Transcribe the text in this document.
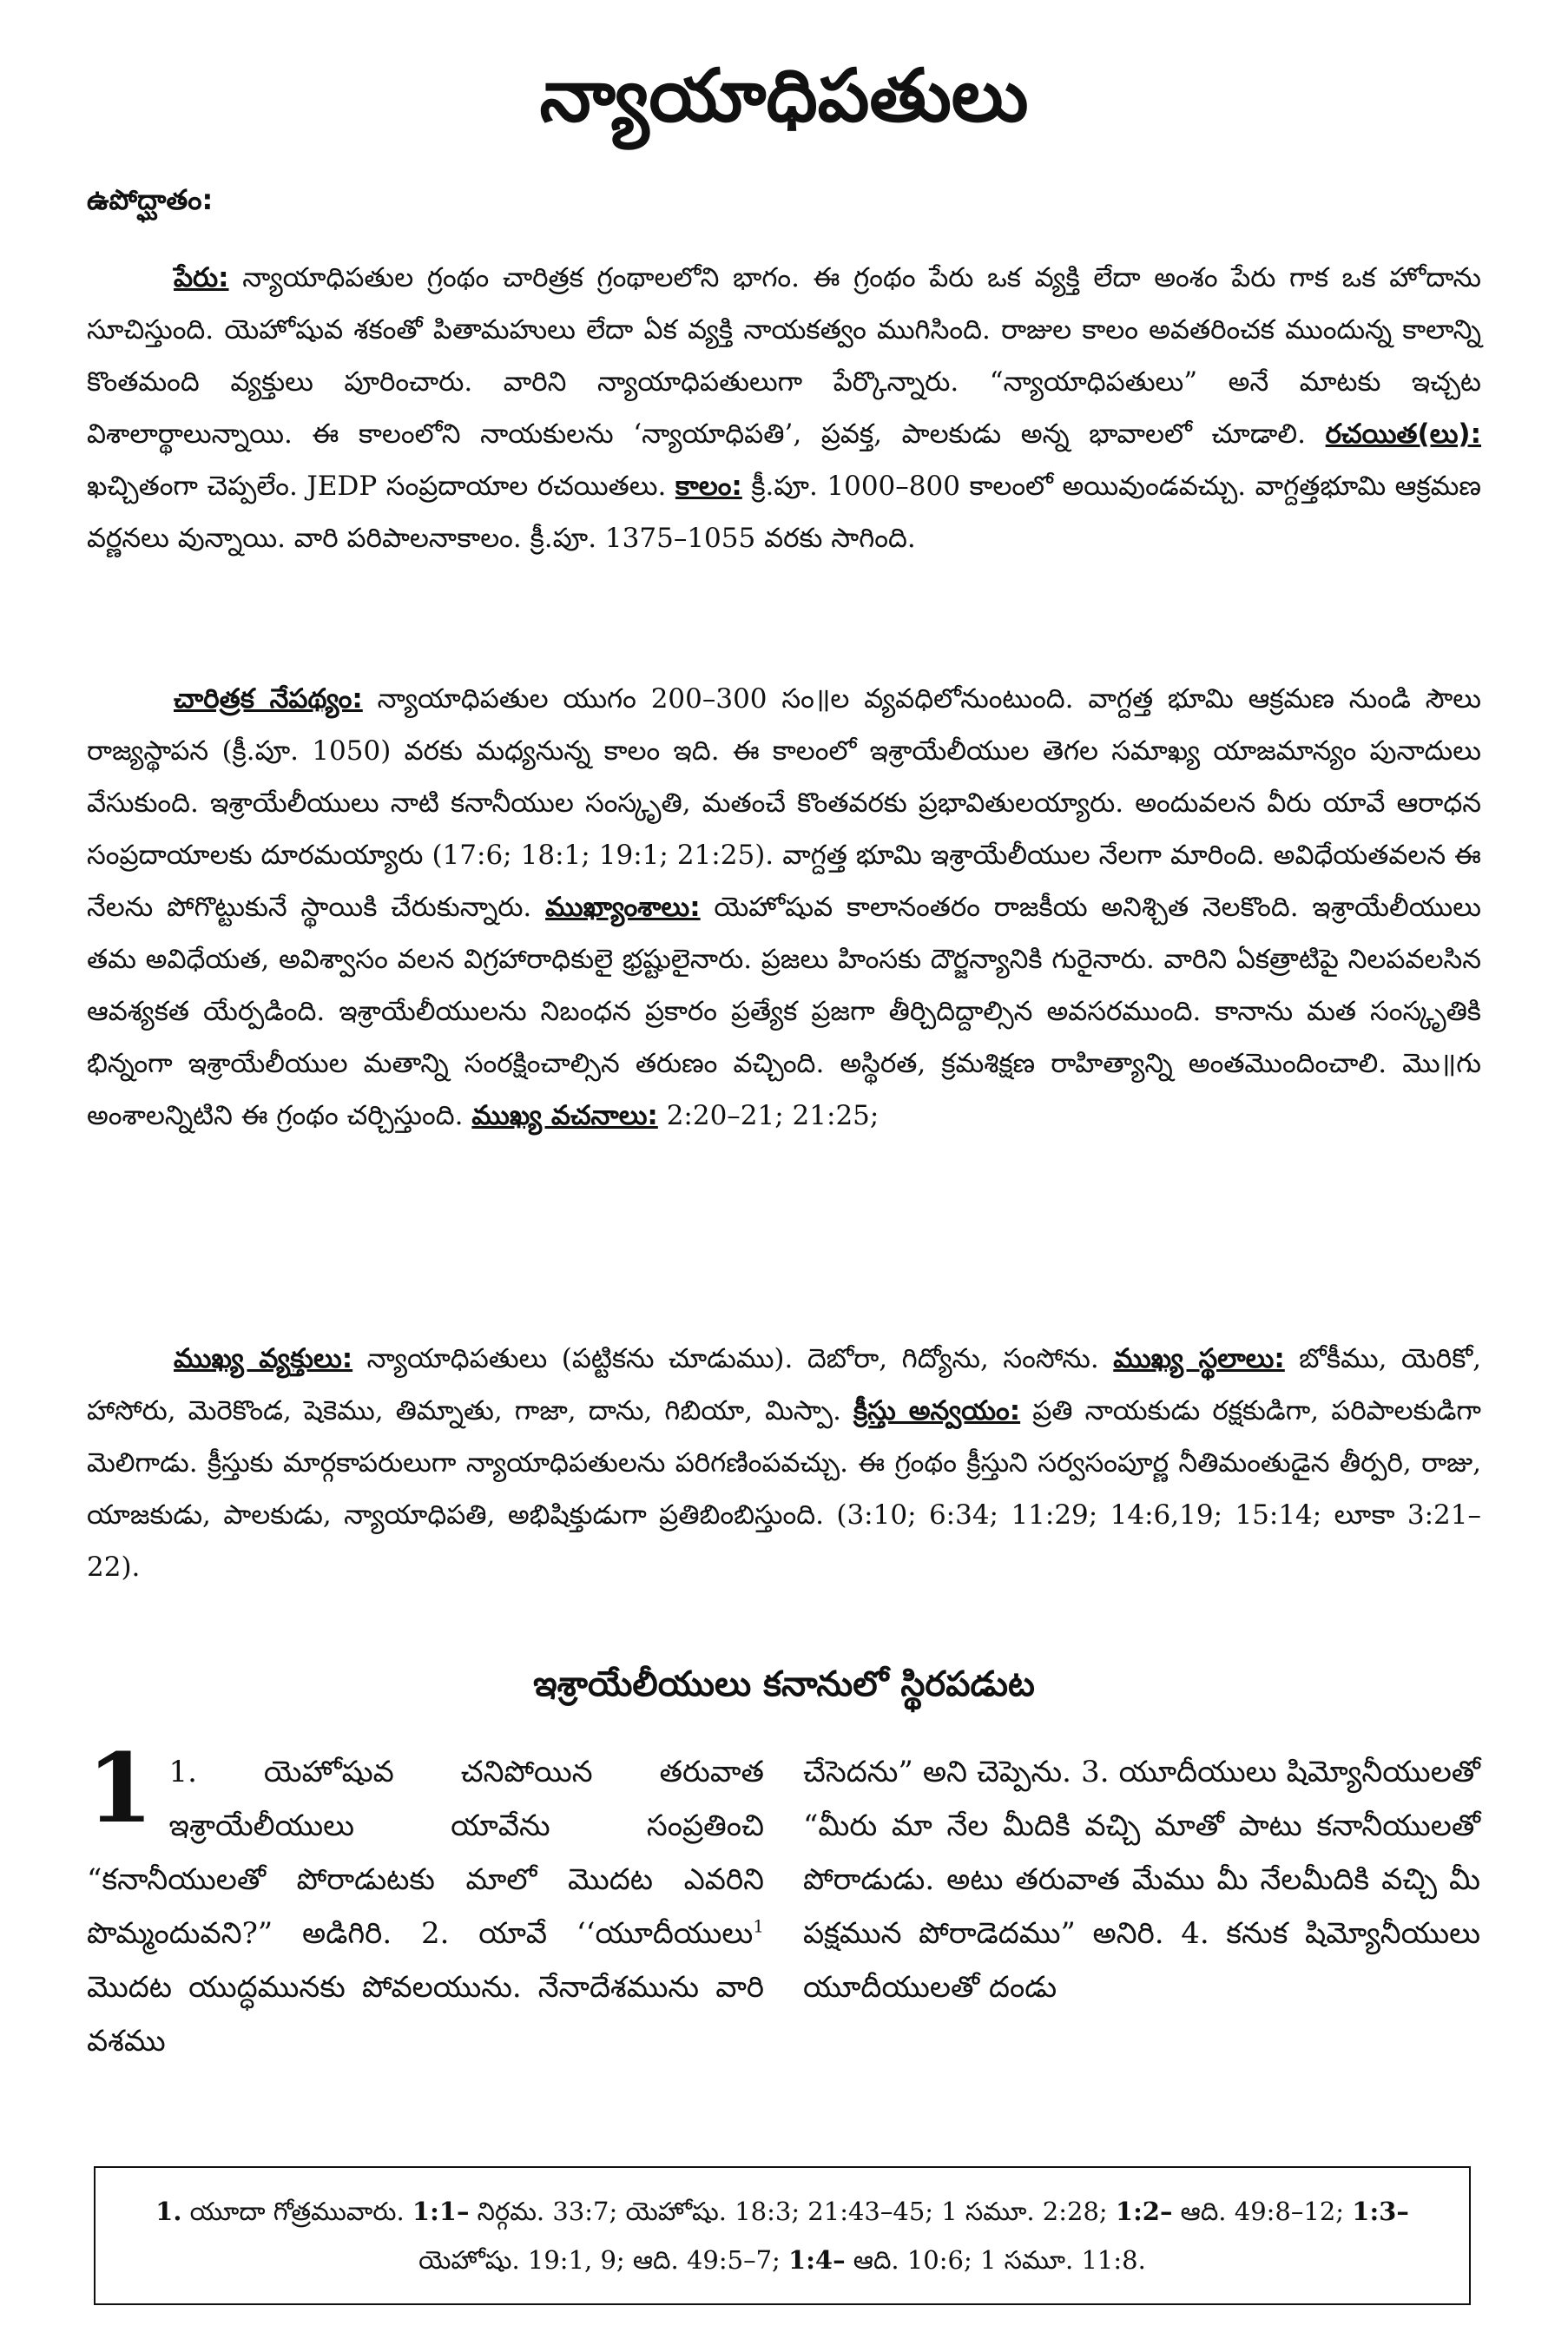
న్యాయాధిపతులు
ఉపోద్ఘాతం:
పేరు: న్యాయాధిపతుల గ్రంథం చారిత్రక గ్రంథాలలోని భాగం. ఈ గ్రంథం పేరు ఒక వ్యక్తి లేదా అంశం పేరు గాక ఒక హోదాను సూచిస్తుంది. యెహోషువ శకంతో పితామహులు లేదా ఏక వ్యక్తి నాయకత్వం ముగిసింది. రాజుల కాలం అవతరించక ముందున్న కాలాన్ని కొంతమంది వ్యక్తులు పూరించారు. వారిని న్యాయాధిపతులుగా పేర్కొన్నారు. “న్యాయాధిపతులు” అనే మాటకు ఇచ్చట విశాలార్థాలున్నాయి. ఈ కాలంలోని నాయకులను ‘న్యాయాధిపతి’, ప్రవక్త, పాలకుడు అన్న భావాలలో చూడాలి. రచయిత(లు): ఖచ్చితంగా చెప్పలేం. JEDP సంప్రదాయాల రచయితలు. కాలం: క్రీ.పూ. 1000–800 కాలంలో అయివుండవచ్చు. వాగ్దత్తభూమి ఆక్రమణ వర్ణనలు వున్నాయి. వారి పరిపాలనాకాలం. క్రీ.పూ. 1375–1055 వరకు సాగింది.
చారిత్రక నేపథ్యం: న్యాయాధిపతుల యుగం 200–300 సం॥ల వ్యవధిలోనుంటుంది. వాగ్దత్త భూమి ఆక్రమణ నుండి సౌలు రాజ్యస్థాపన (క్రీ.పూ. 1050) వరకు మధ్యనున్న కాలం ఇది. ఈ కాలంలో ఇశ్రాయేలీయుల తెగల సమాఖ్య యాజమాన్యం పునాదులు వేసుకుంది. ఇశ్రాయేలీయులు నాటి కనానీయుల సంస్కృతి, మతంచే కొంతవరకు ప్రభావితులయ్యారు. అందువలన వీరు యావే ఆరాధన సంప్రదాయాలకు దూరమయ్యారు (17:6; 18:1; 19:1; 21:25). వాగ్దత్త భూమి ఇశ్రాయేలీయుల నేలగా మారింది. అవిధేయతవలన ఈ నేలను పోగొట్టుకునే స్థాయికి చేరుకున్నారు. ముఖ్యాంశాలు: యెహోషువ కాలానంతరం రాజకీయ అనిశ్చిత నెలకొంది. ఇశ్రాయేలీయులు తమ అవిధేయత, అవిశ్వాసం వలన విగ్రహారాధికులై భ్రష్టులైనారు. ప్రజలు హింసకు దౌర్జన్యానికి గురైనారు. వారిని ఏకత్రాటిపై నిలపవలసిన ఆవశ్యకత యేర్పడింది. ఇశ్రాయేలీయులను నిబంధన ప్రకారం ప్రత్యేక ప్రజగా తీర్చిదిద్దాల్సిన అవసరముంది. కానాను మత సంస్కృతికి భిన్నంగా ఇశ్రాయేలీయుల మతాన్ని సంరక్షించాల్సిన తరుణం వచ్చింది. అస్థిరత, క్రమశిక్షణ రాహిత్యాన్ని అంతమొందించాలి. మొ॥గు అంశాలన్నిటిని ఈ గ్రంథం చర్చిస్తుంది. ముఖ్య వచనాలు: 2:20–21; 21:25;
ముఖ్య వ్యక్తులు: న్యాయాధిపతులు (పట్టికను చూడుము). దెబోరా, గిద్యోను, సంసోను. ముఖ్య స్థలాలు: బోకీము, యెరికో, హాసోరు, మెరెకొండ, షెకెము, తిమ్నాతు, గాజా, దాను, గిబియా, మిస్పా. క్రీస్తు అన్వయం: ప్రతి నాయకుడు రక్షకుడిగా, పరిపాలకుడిగా మెలిగాడు. క్రీస్తుకు మార్గకాపరులుగా న్యాయాధిపతులను పరిగణింపవచ్చు. ఈ గ్రంథం క్రీస్తుని సర్వసంపూర్ణ నీతిమంతుడైన తీర్పరి, రాజు, యాజకుడు, పాలకుడు, న్యాయాధిపతి, అభిషిక్తుడుగా ప్రతిబింబిస్తుంది. (3:10; 6:34; 11:29; 14:6,19; 15:14; లూకా 3:21–22).
ఇశ్రాయేలీయులు కనానులో స్థిరపడుట
1 1. యెహోషువ చనిపోయిన తరువాత ఇశ్రాయేలీయులు యావేను సంప్రతించి “కనానీయులతో పోరాడుటకు మాలో మొదట ఎవరిని పొమ్మందువని?” అడిగిరి. 2. యావే ‘‘యూదీయులు$^1$ మొదట యుద్ధమునకు పోవలయును. నేనాదేశమును వారి వశము
చేసెదను” అని చెప్పెను. 3. యూదీయులు షిమ్యోనీయులతో “మీరు మా నేల మీదికి వచ్చి మాతో పాటు కనానీయులతో పోరాడుడు. అటు తరువాత మేము మీ నేలమీదికి వచ్చి మీ పక్షమున పోరాడెదము” అనిరి. 4. కనుక షిమ్యోనీయులు యూదీయులతో దండు
1. యూదా గోత్రమువారు. 1:1– నిర్గమ. 33:7; యెహోషు. 18:3; 21:43–45; 1 సమూ. 2:28; 1:2– ఆది. 49:8–12; 1:3– యెహోషు. 19:1, 9; ఆది. 49:5–7; 1:4– ఆది. 10:6; 1 సమూ. 11:8.
